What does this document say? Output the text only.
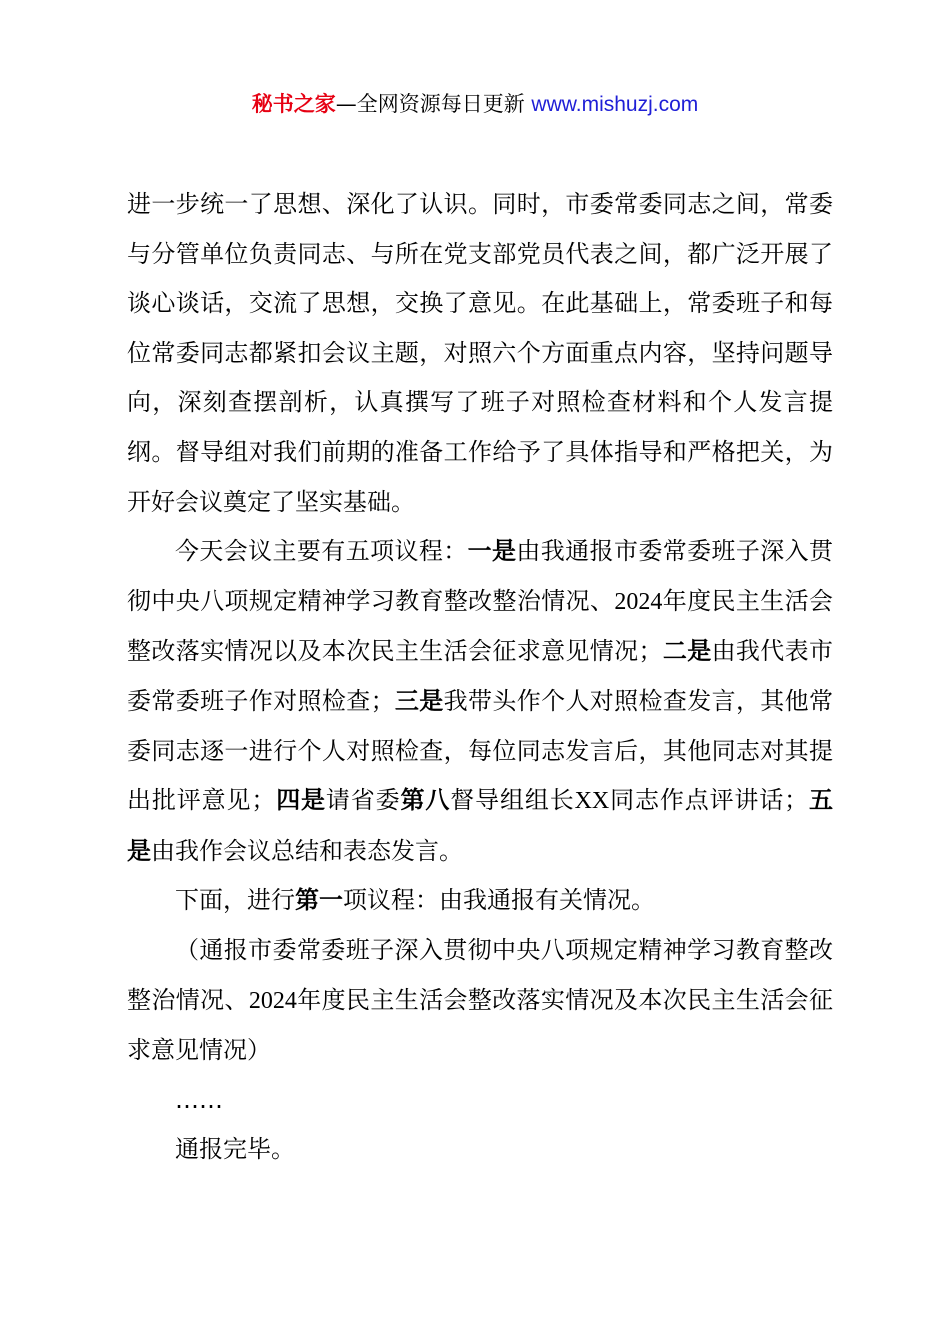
秘书之家—全网资源每日更新 www.mishuzj.com

进一步统一了思想、深化了认识。同时，市委常委同志之间，常委与分管单位负责同志、与所在党支部党员代表之间，都广泛开展了谈心谈话，交流了思想，交换了意见。在此基础上，常委班子和每位常委同志都紧扣会议主题，对照六个方面重点内容，坚持问题导向，深刻查摆剖析，认真撰写了班子对照检查材料和个人发言提纲。督导组对我们前期的准备工作给予了具体指导和严格把关，为开好会议奠定了坚实基础。

今天会议主要有五项议程：一是由我通报市委常委班子深入贯彻中央八项规定精神学习教育整改整治情况、2024年度民主生活会整改落实情况以及本次民主生活会征求意见情况；二是由我代表市委常委班子作对照检查；三是我带头作个人对照检查发言，其他常委同志逐一进行个人对照检查，每位同志发言后，其他同志对其提出批评意见；四是请省委第八督导组组长XX同志作点评讲话；五是由我作会议总结和表态发言。

下面，进行第一项议程：由我通报有关情况。

（通报市委常委班子深入贯彻中央八项规定精神学习教育整改整治情况、2024年度民主生活会整改落实情况及本次民主生活会征求意见情况）

……

通报完毕。
